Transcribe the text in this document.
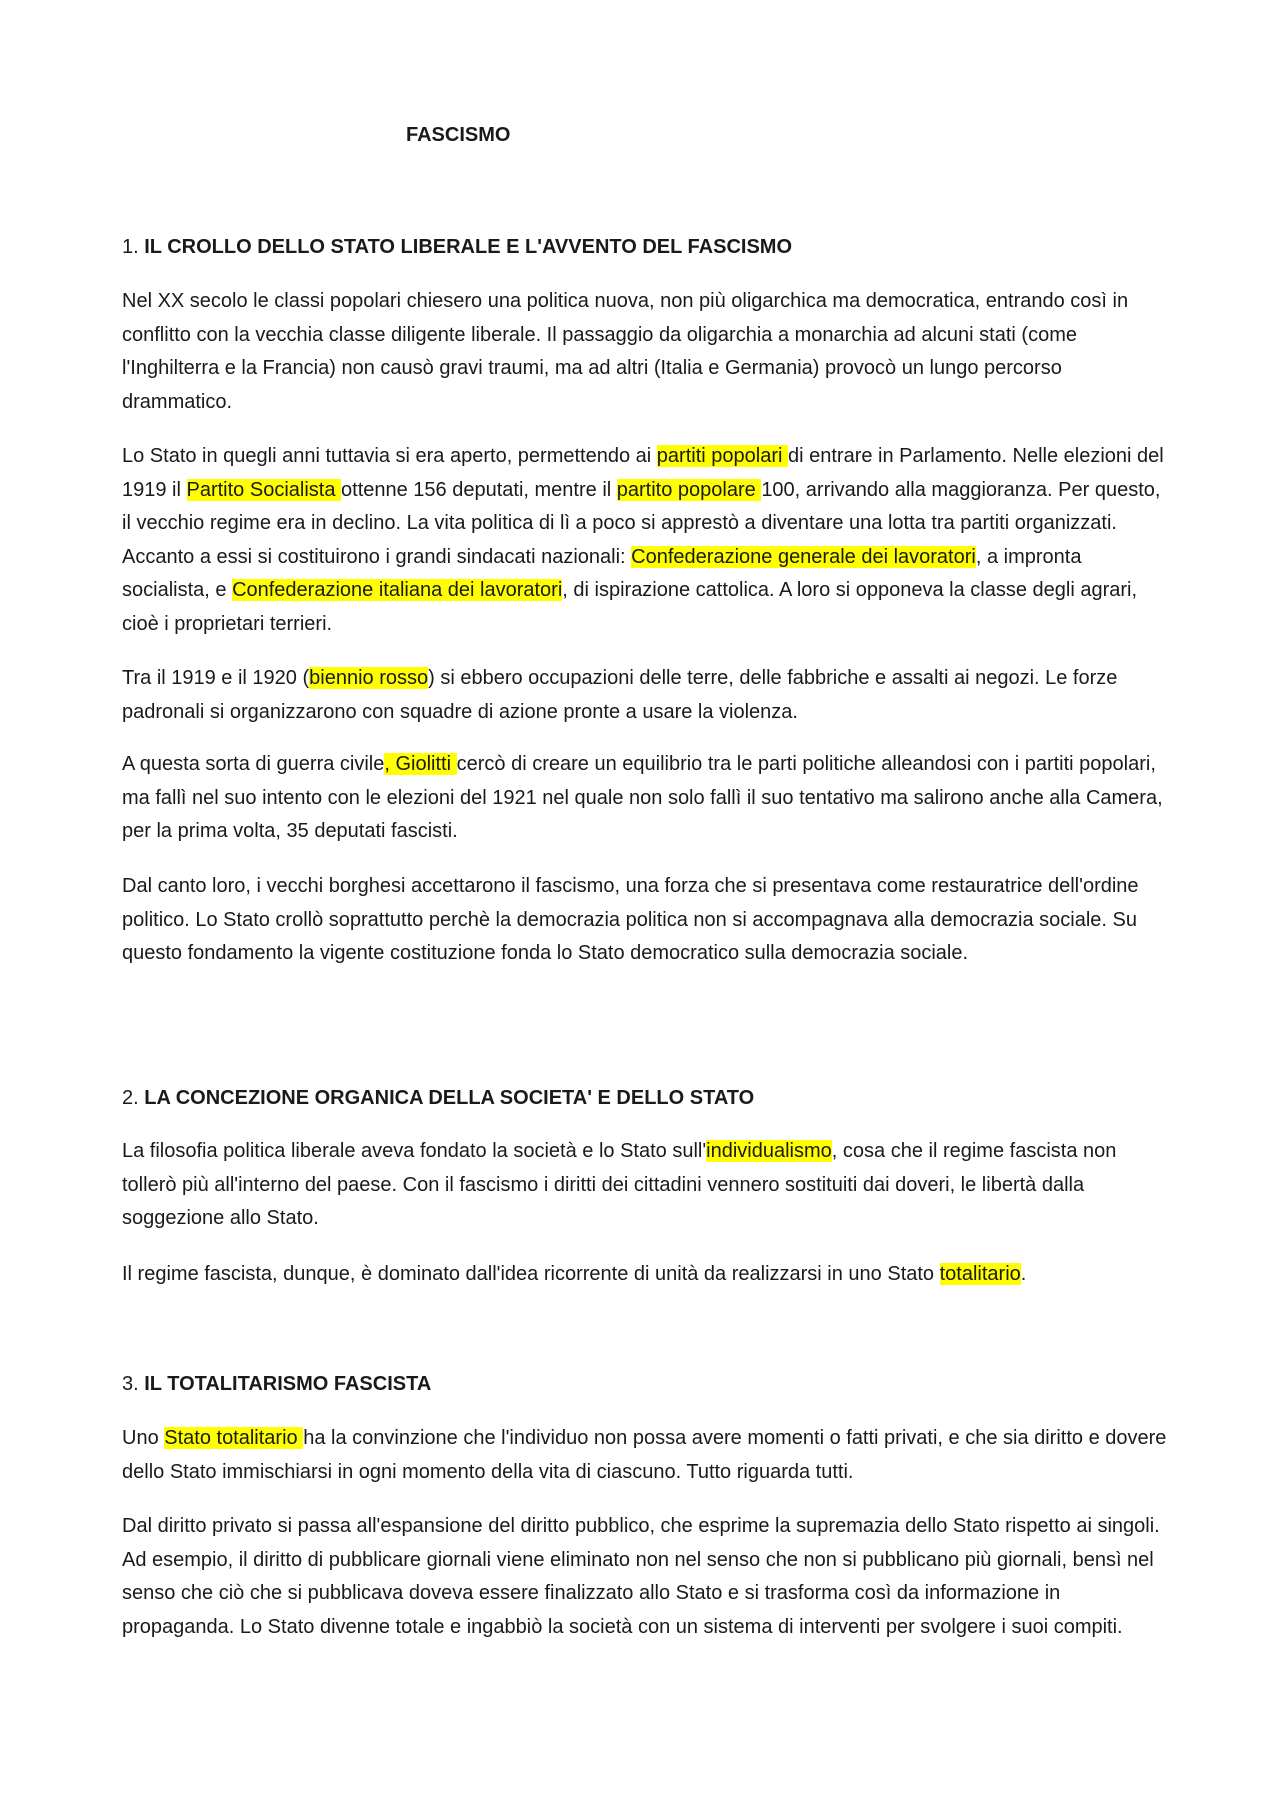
FASCISMO
1. IL CROLLO DELLO STATO LIBERALE E L'AVVENTO DEL FASCISMO

Nel XX secolo le classi popolari chiesero una politica nuova, non più oligarchica ma democratica, entrando così in conflitto con la vecchia classe diligente liberale. Il passaggio da oligarchia a monarchia ad alcuni stati (come l'Inghilterra e la Francia) non causò gravi traumi, ma ad altri (Italia e Germania) provocò un lungo percorso drammatico.

Lo Stato in quegli anni tuttavia si era aperto, permettendo ai partiti popolari di entrare in Parlamento. Nelle elezioni del 1919 il Partito Socialista ottenne 156 deputati, mentre il partito popolare 100, arrivando alla maggioranza. Per questo, il vecchio regime era in declino. La vita politica di lì a poco si apprestò a diventare una lotta tra partiti organizzati. Accanto a essi si costituirono i grandi sindacati nazionali: Confederazione generale dei lavoratori, a impronta socialista, e Confederazione italiana dei lavoratori, di ispirazione cattolica. A loro si opponeva la classe degli agrari, cioè i proprietari terrieri.

Tra il 1919 e il 1920 (biennio rosso) si ebbero occupazioni delle terre, delle fabbriche e assalti ai negozi. Le forze padronali si organizzarono con squadre di azione pronte a usare la violenza.

A questa sorta di guerra civile, Giolitti cercò di creare un equilibrio tra le parti politiche alleandosi con i partiti popolari, ma fallì nel suo intento con le elezioni del 1921 nel quale non solo fallì il suo tentativo ma salirono anche alla Camera, per la prima volta, 35 deputati fascisti.

Dal canto loro, i vecchi borghesi accettarono il fascismo, una forza che si presentava come restauratrice dell'ordine politico. Lo Stato crollò soprattutto perchè la democrazia politica non si accompagnava alla democrazia sociale. Su questo fondamento la vigente costituzione fonda lo Stato democratico sulla democrazia sociale.

2. LA CONCEZIONE ORGANICA DELLA SOCIETA' E DELLO STATO

La filosofia politica liberale aveva fondato la società e lo Stato sull'individualismo, cosa che il regime fascista non tollerò più all'interno del paese. Con il fascismo i diritti dei cittadini vennero sostituiti dai doveri, le libertà dalla soggezione allo Stato.

Il regime fascista, dunque, è dominato dall'idea ricorrente di unità da realizzarsi in uno Stato totalitario.

3. IL TOTALITARISMO FASCISTA

Uno Stato totalitario ha la convinzione che l'individuo non possa avere momenti o fatti privati, e che sia diritto e dovere dello Stato immischiarsi in ogni momento della vita di ciascuno. Tutto riguarda tutti.

Dal diritto privato si passa all'espansione del diritto pubblico, che esprime la supremazia dello Stato rispetto ai singoli. Ad esempio, il diritto di pubblicare giornali viene eliminato non nel senso che non si pubblicano più giornali, bensì nel senso che ciò che si pubblicava doveva essere finalizzato allo Stato e si trasforma così da informazione in propaganda. Lo Stato divenne totale e ingabbiò la società con un sistema di interventi per svolgere i suoi compiti.
